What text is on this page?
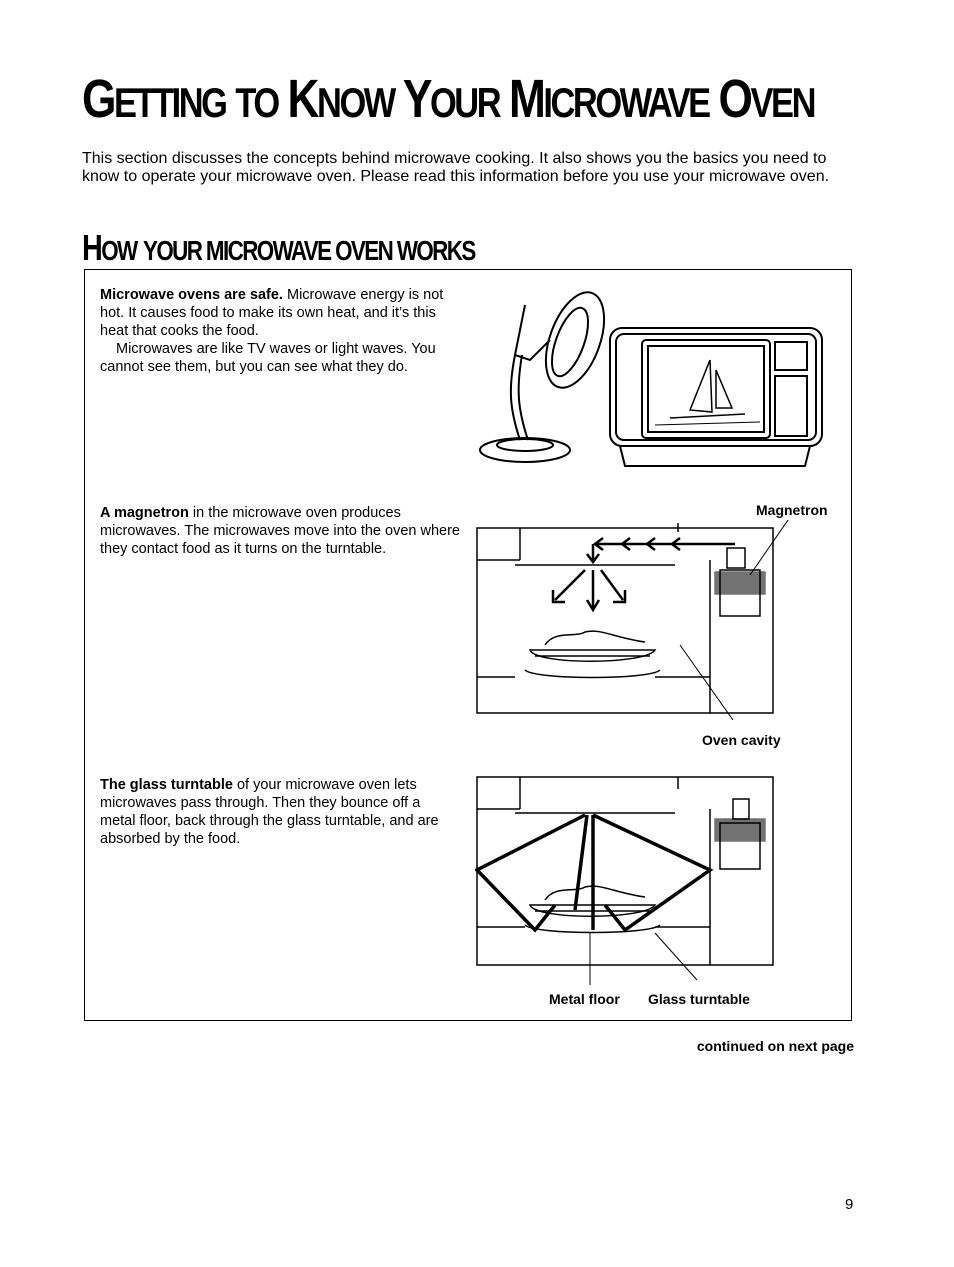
GETTING TO KNOW YOUR MICROWAVE OVEN

This section discusses the concepts behind microwave cooking. It also shows you the basics you need to know to operate your microwave oven. Please read this information before you use your microwave oven.

HOW YOUR MICROWAVE OVEN WORKS

Microwave ovens are safe. Microwave energy is not hot. It causes food to make its own heat, and it’s this heat that cooks the food.
Microwaves are like TV waves or light waves. You cannot see them, but you can see what they do.

A magnetron in the microwave oven produces microwaves. The microwaves move into the oven where they contact food as it turns on the turntable.

The glass turntable of your microwave oven lets microwaves pass through. Then they bounce off a metal floor, back through the glass turntable, and are absorbed by the food.

Magnetron
Oven cavity
Metal floor Glass turntable
continued on next page
9
